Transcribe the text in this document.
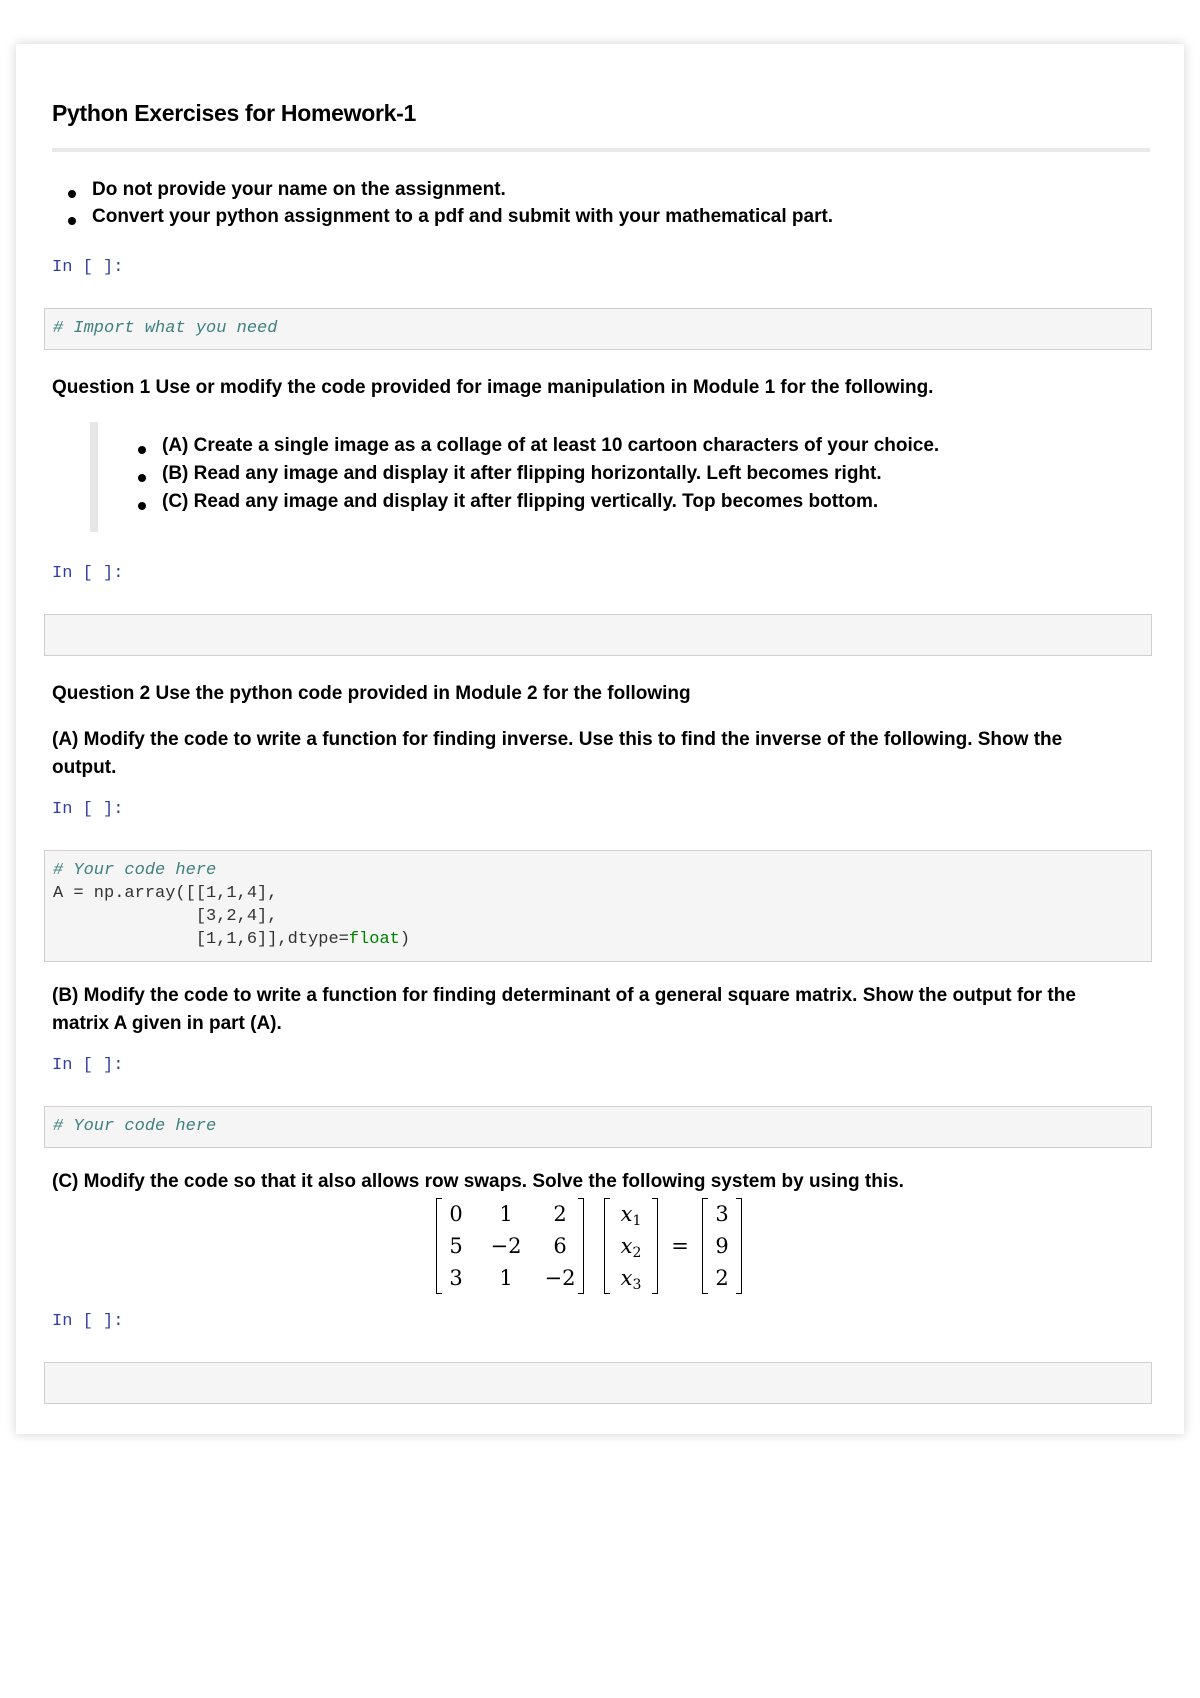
Python Exercises for Homework-1
Do not provide your name on the assignment.
Convert your python assignment to a pdf and submit with your mathematical part.
In [ ]:
# Import what you need
Question 1 Use or modify the code provided for image manipulation in Module 1 for the following.
(A) Create a single image as a collage of at least 10 cartoon characters of your choice.
(B) Read any image and display it after flipping horizontally. Left becomes right.
(C) Read any image and display it after flipping vertically. Top becomes bottom.
In [ ]:
Question 2 Use the python code provided in Module 2 for the following
(A) Modify the code to write a function for finding inverse. Use this to find the inverse of the following. Show the
output.
In [ ]:
# Your code here
A = np.array([[1,1,4],
[3,2,4],
[1,1,6]],dtype=float)
(B) Modify the code to write a function for finding determinant of a general square matrix. Show the output for the
matrix A given in part (A).
In [ ]:
# Your code here
(C) Modify the code so that it also allows row swaps. Solve the following system by using this.
0	1	2
5	−2	6
3	1	−2
x1
x2
x3
=
3
9
2
In [ ]:
